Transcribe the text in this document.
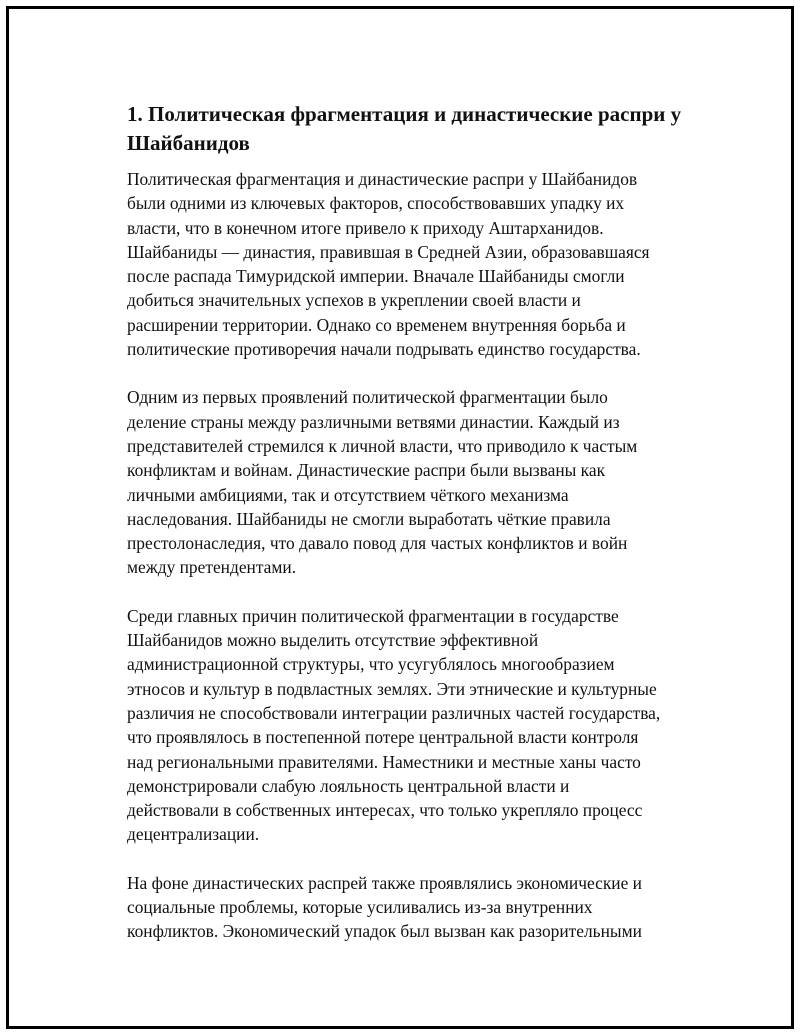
1. Политическая фрагментация и династические распри у
Шайбанидов

Политическая фрагментация и династические распри у Шайбанидов
были одними из ключевых факторов, способствовавших упадку их
власти, что в конечном итоге привело к приходу Аштарханидов.
Шайбаниды — династия, правившая в Средней Азии, образовавшаяся
после распада Тимуридской империи. Вначале Шайбаниды смогли
добиться значительных успехов в укреплении своей власти и
расширении территории. Однако со временем внутренняя борьба и
политические противоречия начали подрывать единство государства.

Одним из первых проявлений политической фрагментации было
деление страны между различными ветвями династии. Каждый из
представителей стремился к личной власти, что приводило к частым
конфликтам и войнам. Династические распри были вызваны как
личными амбициями, так и отсутствием чёткого механизма
наследования. Шайбаниды не смогли выработать чёткие правила
престолонаследия, что давало повод для частых конфликтов и войн
между претендентами.

Среди главных причин политической фрагментации в государстве
Шайбанидов можно выделить отсутствие эффективной
администрационной структуры, что усугублялось многообразием
этносов и культур в подвластных землях. Эти этнические и культурные
различия не способствовали интеграции различных частей государства,
что проявлялось в постепенной потере центральной власти контроля
над региональными правителями. Наместники и местные ханы часто
демонстрировали слабую лояльность центральной власти и
действовали в собственных интересах, что только укрепляло процесс
децентрализации.

На фоне династических распрей также проявлялись экономические и
социальные проблемы, которые усиливались из-за внутренних
конфликтов. Экономический упадок был вызван как разорительными
